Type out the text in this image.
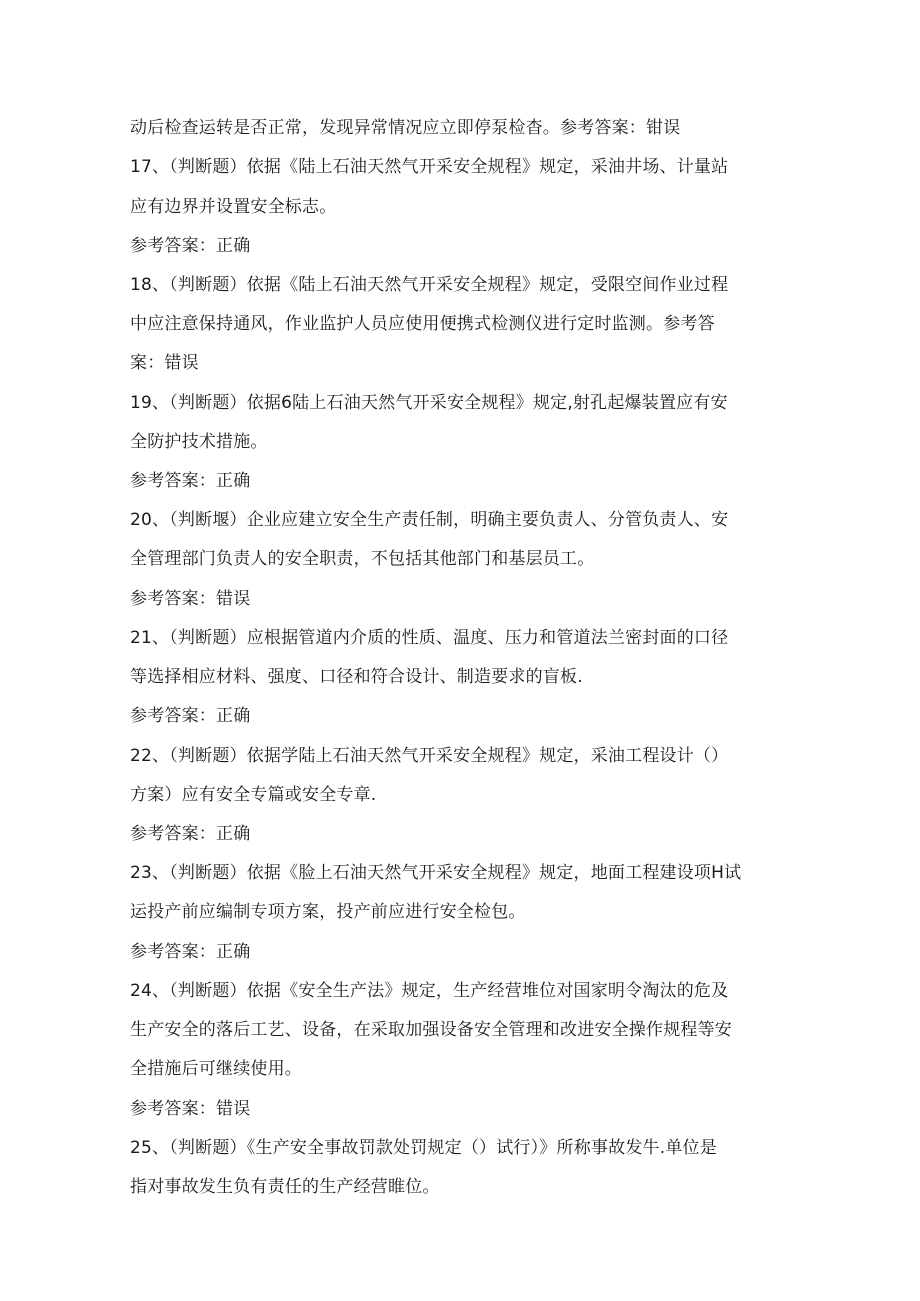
动后检查运转是否正常，发现异常情况应立即停泵检杳。参考答案：钳误
17、（判断题）依据《陆上石油天然气开采安全规程》规定，采油井场、计量站
应有边界并设置安全标志。
参考答案：正确
18、（判断题）依据《陆上石油天然气开采安全规程》规定，受限空间作业过程
中应注意保持通风，作业监护人员应使用便携式检测仪进行定时监测。参考答
案：错误
19、（判断题）依据6陆上石油天然气开采安全规程》规定,射孔起爆装置应有安
全防护技术措施。
参考答案：正确
20、（判断堰）企业应建立安全生产责任制，明确主要负责人、分管负责人、安
全管理部门负责人的安全职责，不包括其他部门和基层员工。
参考答案：错误
21、（判断题）应根据管道内介质的性质、温度、压力和管道法兰密封面的口径
等选择相应材料、强度、口径和符合设计、制造要求的盲板.
参考答案：正确
22、（判断题）依据学陆上石油天然气开采安全规程》规定，采油工程设计（）
方案）应有安全专篇或安全专章.
参考答案：正确
23、（判断题）依据《脸上石油天然气开采安全规程》规定，地面工程建设项H试
运投产前应编制专项方案，投产前应进行安全检包。
参考答案：正确
24、（判断题）依据《安全生产法》规定，生产经营堆位对国家明令淘汰的危及
生产安全的落后工艺、设备，在采取加强设备安全管理和改进安全操作规程等安
全措施后可继续使用。
参考答案：错误
25、（判断题）《生产安全事故罚款处罚规定（）试行）》所称事故发牛.单位是
指对事故发生负有责任的生产经营睢位。
